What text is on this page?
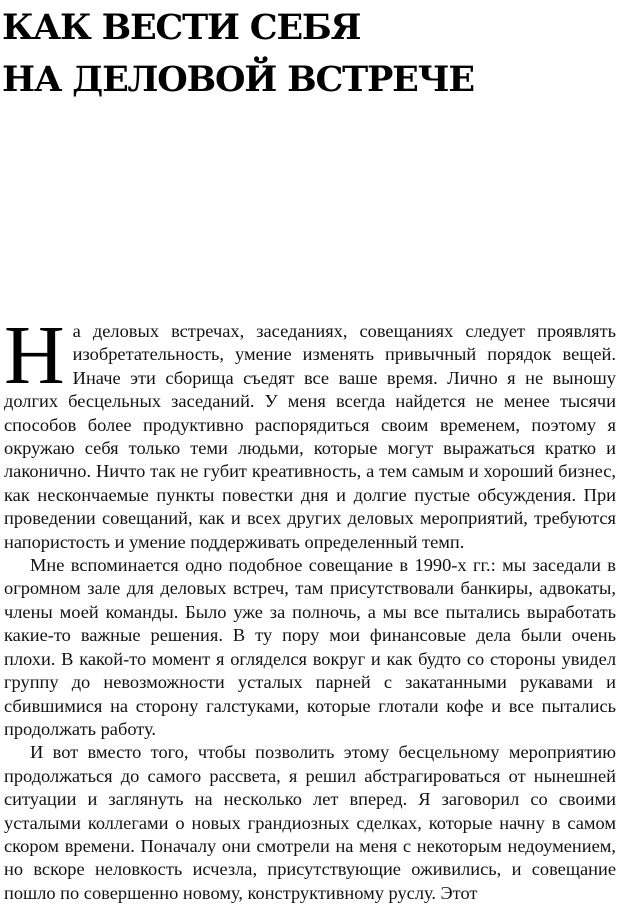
КАК ВЕСТИ СЕБЯ
НА ДЕЛОВОЙ ВСТРЕЧЕ

На деловых встречах, заседаниях, совещаниях следует проявлять изобретательность, умение изменять привычный порядок вещей. Иначе эти сборища съедят все ваше время. Лично я не выношу долгих бесцельных заседаний. У меня всегда найдется не менее тысячи способов более продуктивно распорядиться своим временем, поэтому я окружаю себя только теми людьми, которые могут выражаться кратко и лаконично. Ничто так не губит креативность, а тем самым и хороший бизнес, как нескончаемые пункты повестки дня и долгие пустые обсуждения. При проведении совещаний, как и всех других деловых мероприятий, требуются напористость и умение поддерживать определенный темп.

Мне вспоминается одно подобное совещание в 1990-х гг.: мы заседали в огромном зале для деловых встреч, там присутствовали банкиры, адвокаты, члены моей команды. Было уже за полночь, а мы все пытались выработать какие-то важные решения. В ту пору мои финансовые дела были очень плохи. В какой-то момент я огляделся вокруг и как будто со стороны увидел группу до невозможности усталых парней с закатанными рукавами и сбившимися на сторону галстуками, которые глотали кофе и все пытались продолжать работу.

И вот вместо того, чтобы позволить этому бесцельному мероприятию продолжаться до самого рассвета, я решил абстрагироваться от нынешней ситуации и заглянуть на несколько лет вперед. Я заговорил со своими усталыми коллегами о новых грандиозных сделках, которые начну в самом скором времени. Поначалу они смотрели на меня с некоторым недоумением, но вскоре неловкость исчезла, присутствующие оживились, и совещание пошло по совершенно новому, конструктивному руслу. Этот
